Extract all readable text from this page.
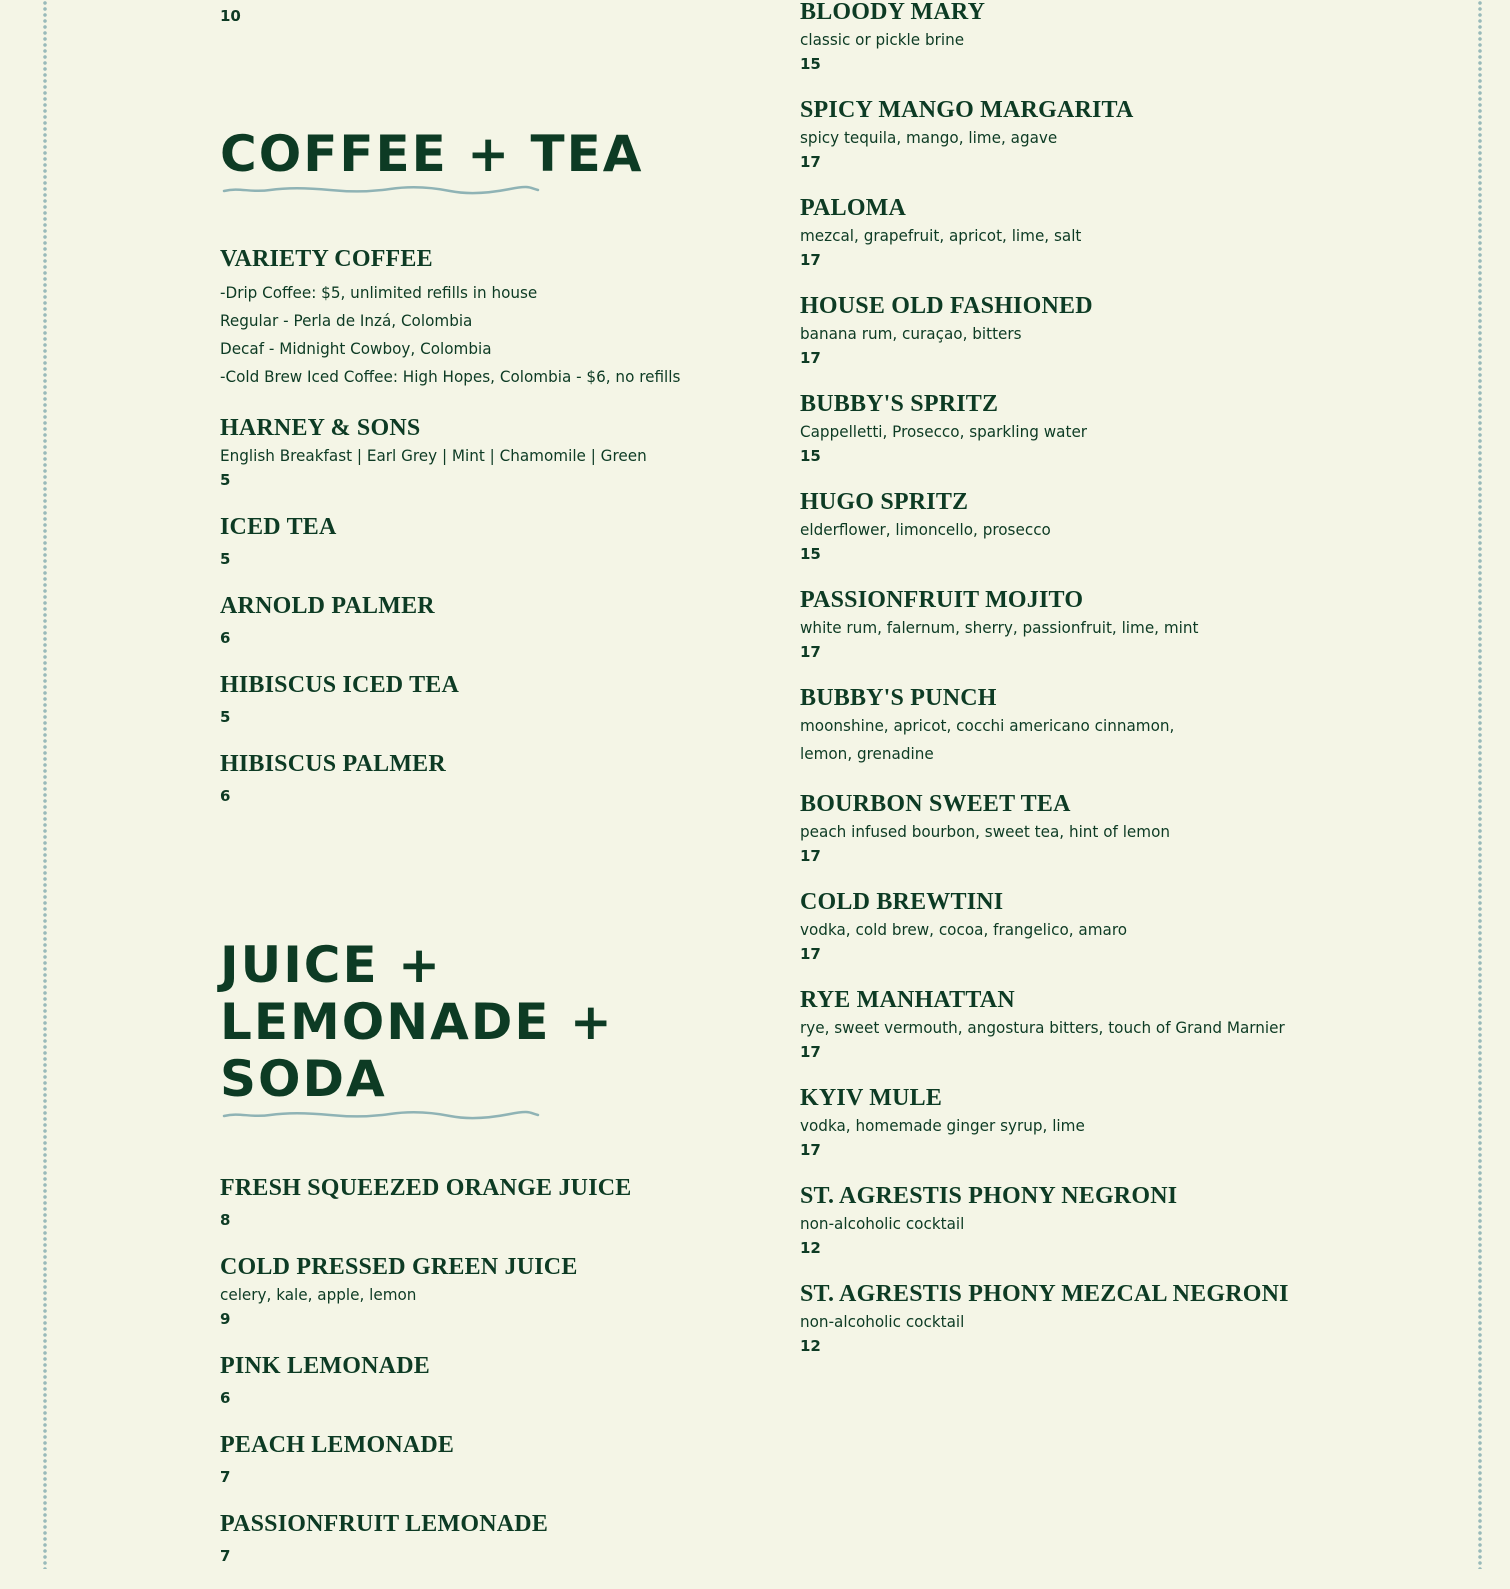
10
COFFEE + TEA
VARIETY COFFEE
-Drip Coffee: $5, unlimited refills in house
Regular - Perla de Inzá, Colombia
Decaf - Midnight Cowboy, Colombia
-Cold Brew Iced Coffee: High Hopes, Colombia - $6, no refills
HARNEY & SONS
English Breakfast | Earl Grey | Mint | Chamomile | Green
5
ICED TEA
5
ARNOLD PALMER
6
HIBISCUS ICED TEA
5
HIBISCUS PALMER
6
JUICE + LEMONADE +
SODA
FRESH SQUEEZED ORANGE JUICE
8
COLD PRESSED GREEN JUICE
celery, kale, apple, lemon
9
PINK LEMONADE
6
PEACH LEMONADE
7
PASSIONFRUIT LEMONADE
7
BLOODY MARY
classic or pickle brine
15
SPICY MANGO MARGARITA
spicy tequila, mango, lime, agave
17
PALOMA
mezcal, grapefruit, apricot, lime, salt
17
HOUSE OLD FASHIONED
banana rum, curaçao, bitters
17
BUBBY'S SPRITZ
Cappelletti, Prosecco, sparkling water
15
HUGO SPRITZ
elderflower, limoncello, prosecco
15
PASSIONFRUIT MOJITO
white rum, falernum, sherry, passionfruit, lime, mint
17
BUBBY'S PUNCH
moonshine, apricot, cocchi americano cinnamon, lemon, grenadine
BOURBON SWEET TEA
peach infused bourbon, sweet tea, hint of lemon
17
COLD BREWTINI
vodka, cold brew, cocoa, frangelico, amaro
17
RYE MANHATTAN
rye, sweet vermouth, angostura bitters, touch of Grand Marnier
17
KYIV MULE
vodka, homemade ginger syrup, lime
17
ST. AGRESTIS PHONY NEGRONI
non-alcoholic cocktail
12
ST. AGRESTIS PHONY MEZCAL NEGRONI
non-alcoholic cocktail
12
